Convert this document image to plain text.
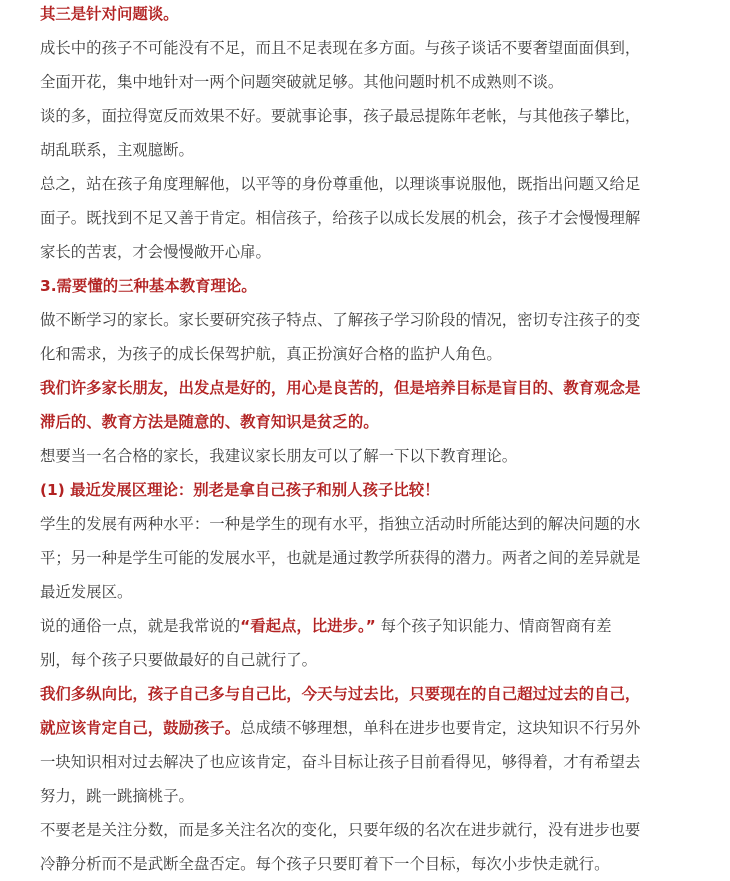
其三是针对问题谈。

成长中的孩子不可能没有不足，而且不足表现在多方面。与孩子谈话不要奢望面面俱到，

全面开花，集中地针对一两个问题突破就足够。其他问题时机不成熟则不谈。

谈的多，面拉得宽反而效果不好。要就事论事，孩子最忌提陈年老帐，与其他孩子攀比，

胡乱联系，主观臆断。

总之，站在孩子角度理解他，以平等的身份尊重他，以理谈事说服他，既指出问题又给足

面子。既找到不足又善于肯定。相信孩子，给孩子以成长发展的机会，孩子才会慢慢理解

家长的苦衷，才会慢慢敞开心扉。

3.需要懂的三种基本教育理论。

做不断学习的家长。家长要研究孩子特点、了解孩子学习阶段的情况，密切专注孩子的变

化和需求，为孩子的成长保驾护航，真正扮演好合格的监护人角色。

我们许多家长朋友，出发点是好的，用心是良苦的，但是培养目标是盲目的、教育观念是

滞后的、教育方法是随意的、教育知识是贫乏的。

想要当一名合格的家长，我建议家长朋友可以了解一下以下教育理论。

(1) 最近发展区理论：别老是拿自己孩子和别人孩子比较！

学生的发展有两种水平：一种是学生的现有水平，指独立活动时所能达到的解决问题的水

平；另一种是学生可能的发展水平，也就是通过教学所获得的潜力。两者之间的差异就是

最近发展区。

说的通俗一点，就是我常说的“看起点，比进步。” 每个孩子知识能力、情商智商有差

别，每个孩子只要做最好的自己就行了。

我们多纵向比，孩子自己多与自己比，今天与过去比，只要现在的自己超过过去的自己，

就应该肯定自己，鼓励孩子。总成绩不够理想，单科在进步也要肯定，这块知识不行另外

一块知识相对过去解决了也应该肯定，奋斗目标让孩子目前看得见，够得着，才有希望去

努力，跳一跳摘桃子。

不要老是关注分数，而是多关注名次的变化，只要年级的名次在进步就行，没有进步也要

冷静分析而不是武断全盘否定。每个孩子只要盯着下一个目标，每次小步快走就行。
